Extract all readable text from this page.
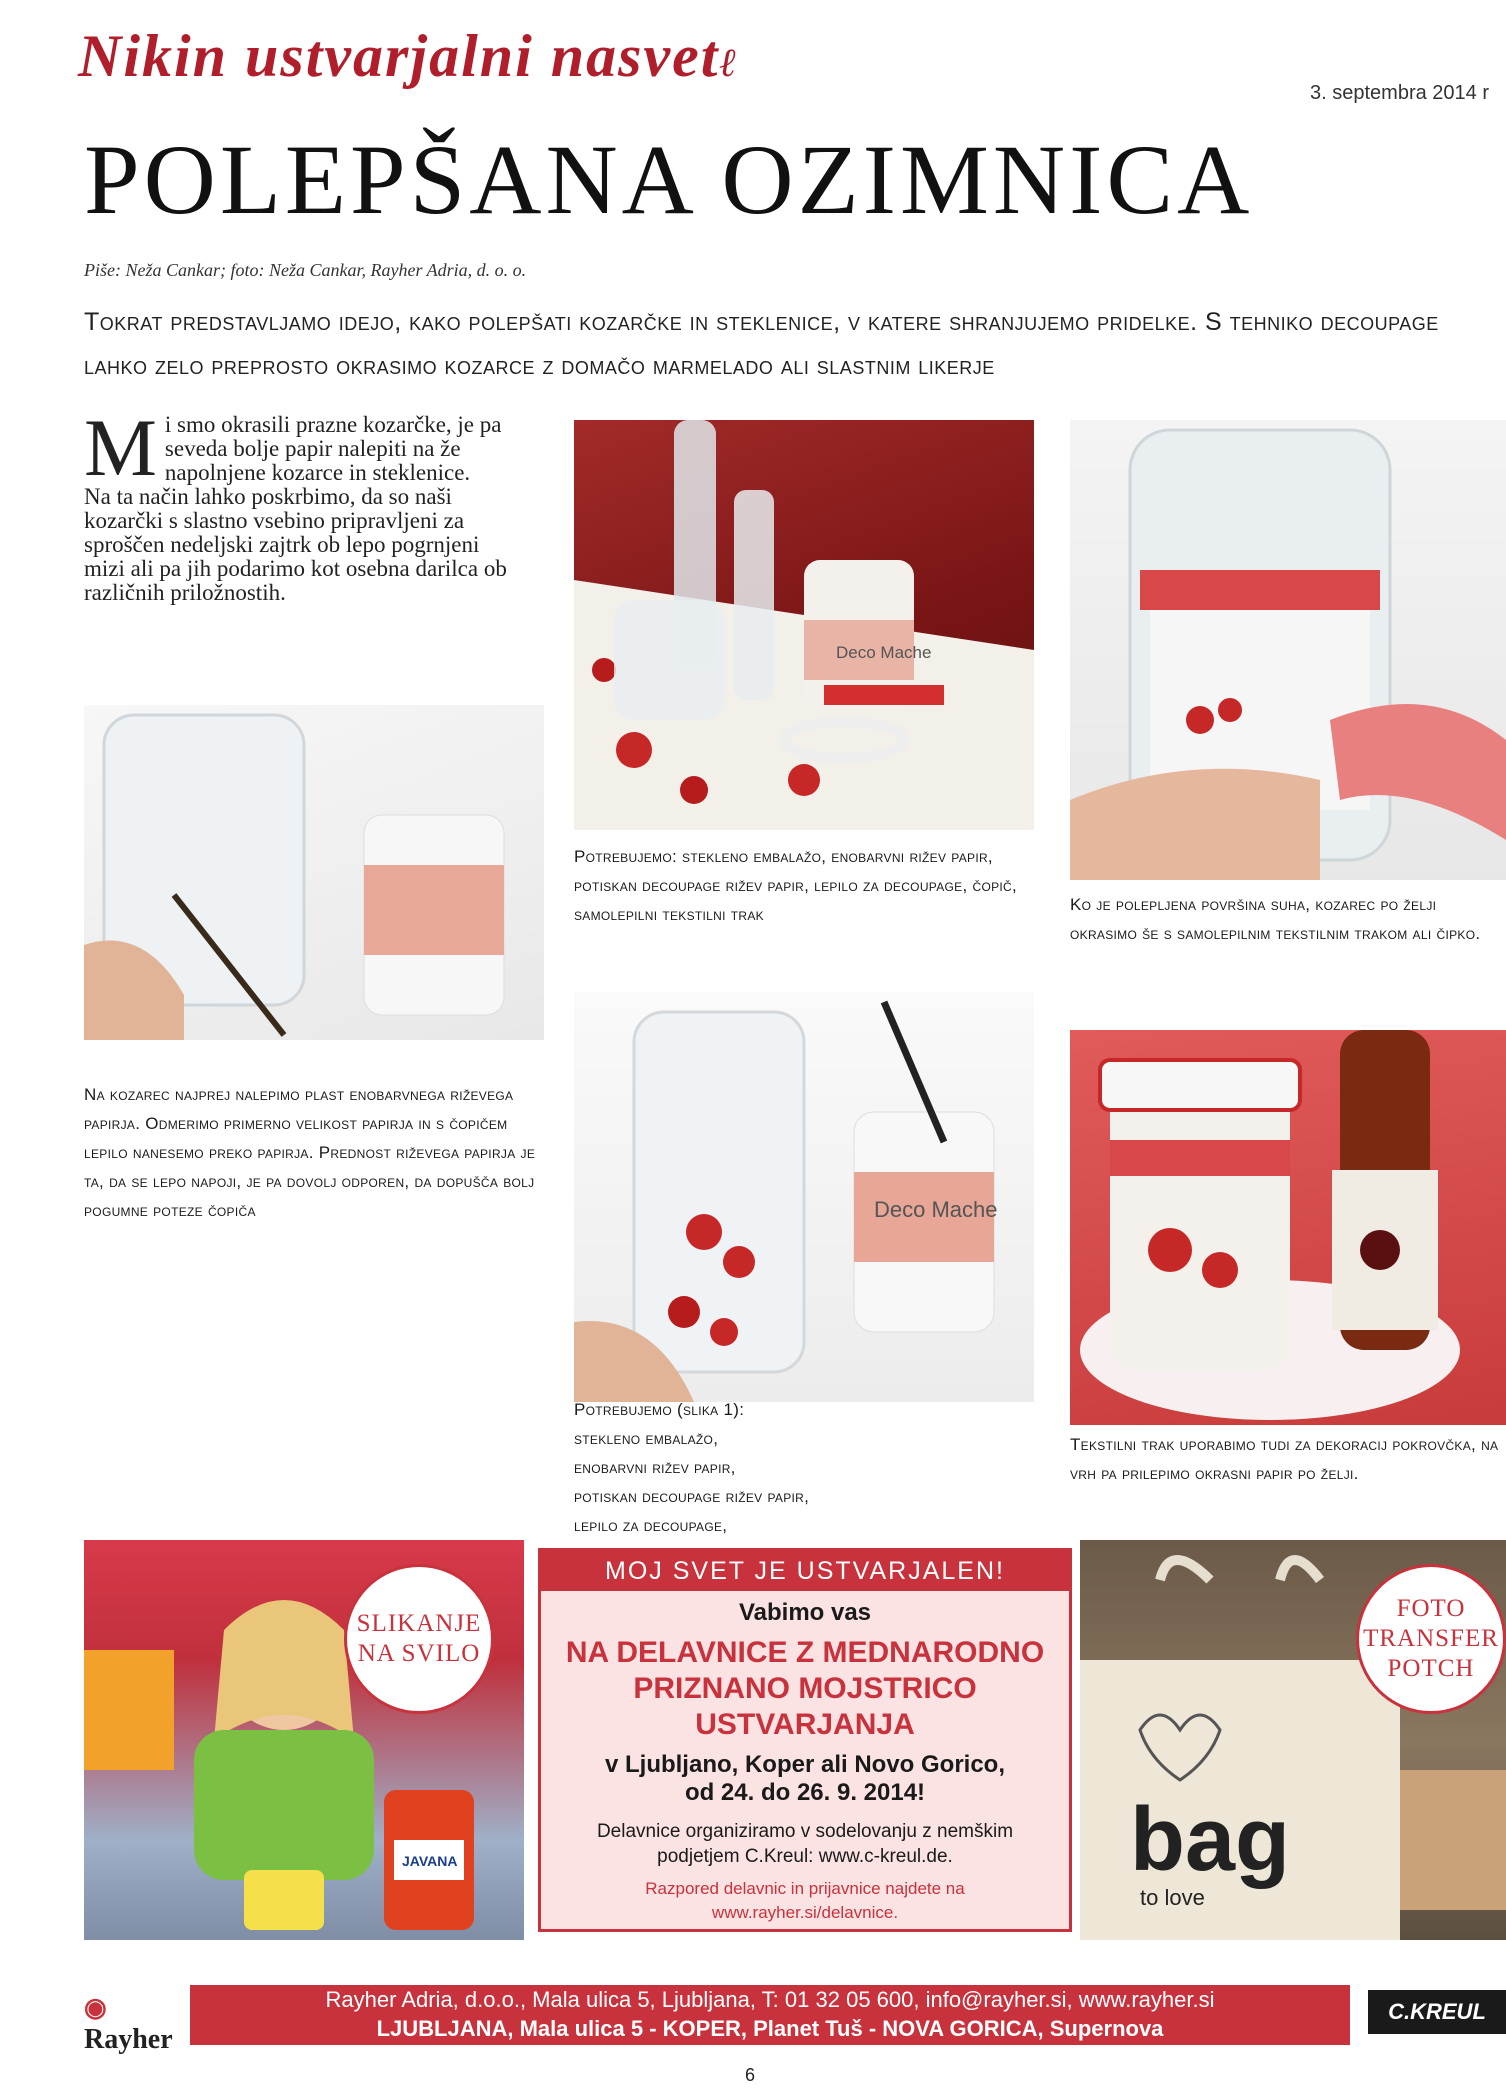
Nikin ustvarjalni nasvetℓ
3. septembra 2014 r
POLEPŠANA OZIMNICA
Piše: Neža Cankar; foto: Neža Cankar, Rayher Adria, d. o. o.
Tokrat predstavljamo idejo, kako polepšati kozarčke in steklenice, v katere shranjujemo pridelke. S tehniko decoupage lahko zelo preprosto okrasimo kozarce z domačo marmelado ali slastnim likerje
M i smo okrasili prazne kozarčke, je pa seveda bolje papir nalepiti na že napolnjene kozarce in steklenice.
Na ta način lahko poskrbimo, da so naši kozarčki s slastno vsebino pripravljeni za sproščen nedeljski zajtrk ob lepo pogrnjeni mizi ali pa jih podarimo kot osebna darilca ob različnih priložnostih.
Deco Mache
Deco Mache
Potrebujemo: stekleno embalažo, enobarvni rižev papir, potiskan decoupage rižev papir, lepilo za decoupage, čopič, samolepilni tekstilni trak
Ko je polepljena površina suha, kozarec po želji okrasimo še s samolepilnim tekstilnim trakom ali čipko.
Na kozarec najprej nalepimo plast enobarvnega riževega papirja. Odmerimo primerno velikost papirja in s čopičem lepilo nanesemo preko papirja. Prednost riževega papirja je ta, da se lepo napoji, je pa dovolj odporen, da dopušča bolj pogumne poteze čopiča
Potrebujemo (slika 1):
stekleno embalažo,
enobarvni rižev papir,
potiskan decoupage rižev papir,
lepilo za decoupage,
Tekstilni trak uporabimo tudi za dekoracij pokrovčka, na vrh pa prilepimo okrasni papir po želji.
JAVANA
SLIKANJE NA SVILO
MOJ SVET JE USTVARJALEN!
Vabimo vas
NA DELAVNICE Z MEDNARODNO PRIZNANO MOJSTRICO USTVARJANJA
v Ljubljano, Koper ali Novo Gorico,
od 24. do 26. 9. 2014!
Delavnice organiziramo v sodelovanju z nemškim podjetjem C.Kreul: www.c-kreul.de.
Razpored delavnic in prijavnice najdete na www.rayher.si/delavnice.
bag
to love
FOTO TRANSFER POTCH
◉
Rayher
Rayher Adria, d.o.o., Mala ulica 5, Ljubljana, T: 01 32 05 600, info@rayher.si, www.rayher.si
LJUBLJANA, Mala ulica 5 - KOPER, Planet Tuš - NOVA GORICA, Supernova
C.KREUL
6
